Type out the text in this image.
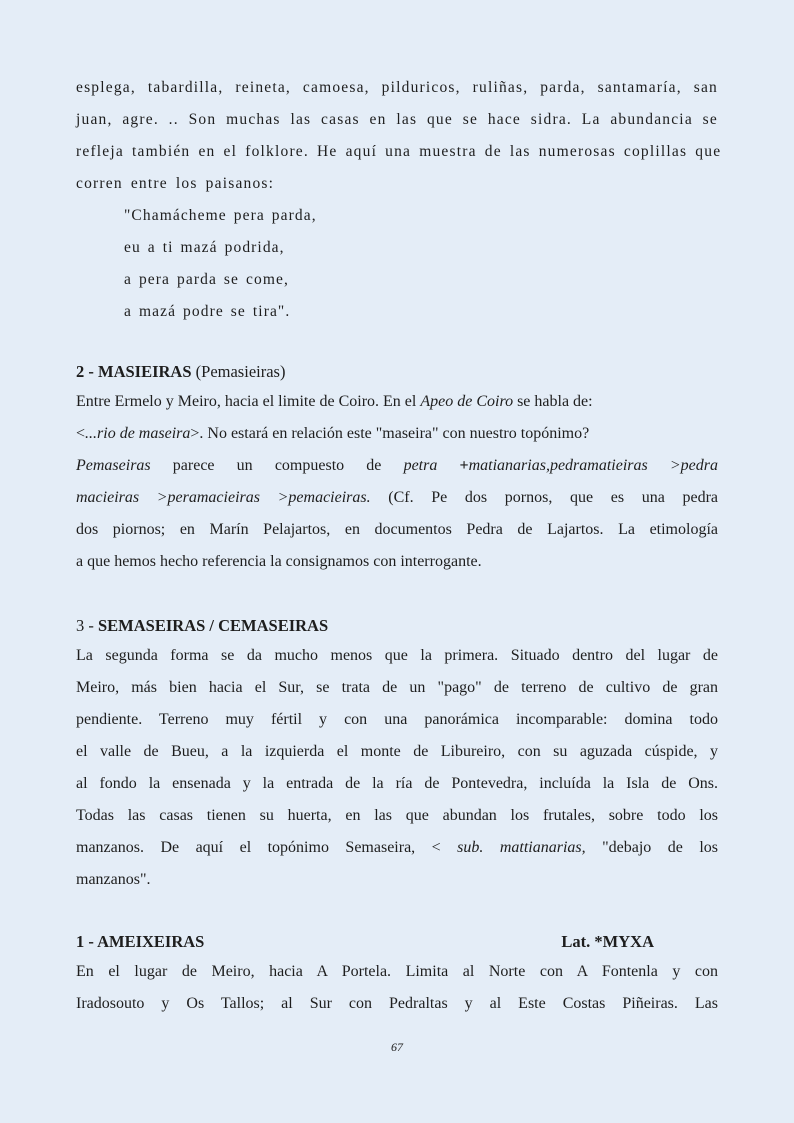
esplega, tabardilla, reineta, camoesa, pilduricos, ruliñas, parda, santamaría, san
juan, agre. .. Son muchas las casas en las que se hace sidra. La abundancia se
refleja también en el folklore. He aquí una muestra de las numerosas coplillas que
corren entre los paisanos:
"Chamácheme pera parda,
eu a ti mazá podrida,
a pera parda se come,
a mazá podre se tira".
2 - MASIEIRAS (Pemasieiras)
Entre Ermelo y Meiro, hacia el limite de Coiro. En el Apeo de Coiro se habla de:
<...rio de maseira>. No estará en relación este "maseira" con nuestro topónimo?
Pemaseiras parece un compuesto de petra +matianarias,pedramatieiras >pedra
macieiras >peramacieiras >pemacieiras. (Cf. Pe dos pornos, que es una pedra
dos piornos; en Marín Pelajartos, en documentos Pedra de Lajartos. La etimología
a que hemos hecho referencia la consignamos con interrogante.
3 - SEMASEIRAS / CEMASEIRAS
La segunda forma se da mucho menos que la primera. Situado dentro del lugar de
Meiro, más bien hacia el Sur, se trata de un "pago" de terreno de cultivo de gran
pendiente. Terreno muy fértil y con una panorámica incomparable: domina todo
el valle de Bueu, a la izquierda el monte de Libureiro, con su aguzada cúspide, y
al fondo la ensenada y la entrada de la ría de Pontevedra, incluída la Isla de Ons.
Todas las casas tienen su huerta, en las que abundan los frutales, sobre todo los
manzanos. De aquí el topónimo Semaseira, < sub. mattianarias, "debajo de los
manzanos".
1 - AMEIXEIRAS	Lat. *MYXA
En el lugar de Meiro, hacia A Portela. Limita al Norte con A Fontenla y con
Iradosouto y Os Tallos; al Sur con Pedraltas y al Este Costas Piñeiras. Las
67
